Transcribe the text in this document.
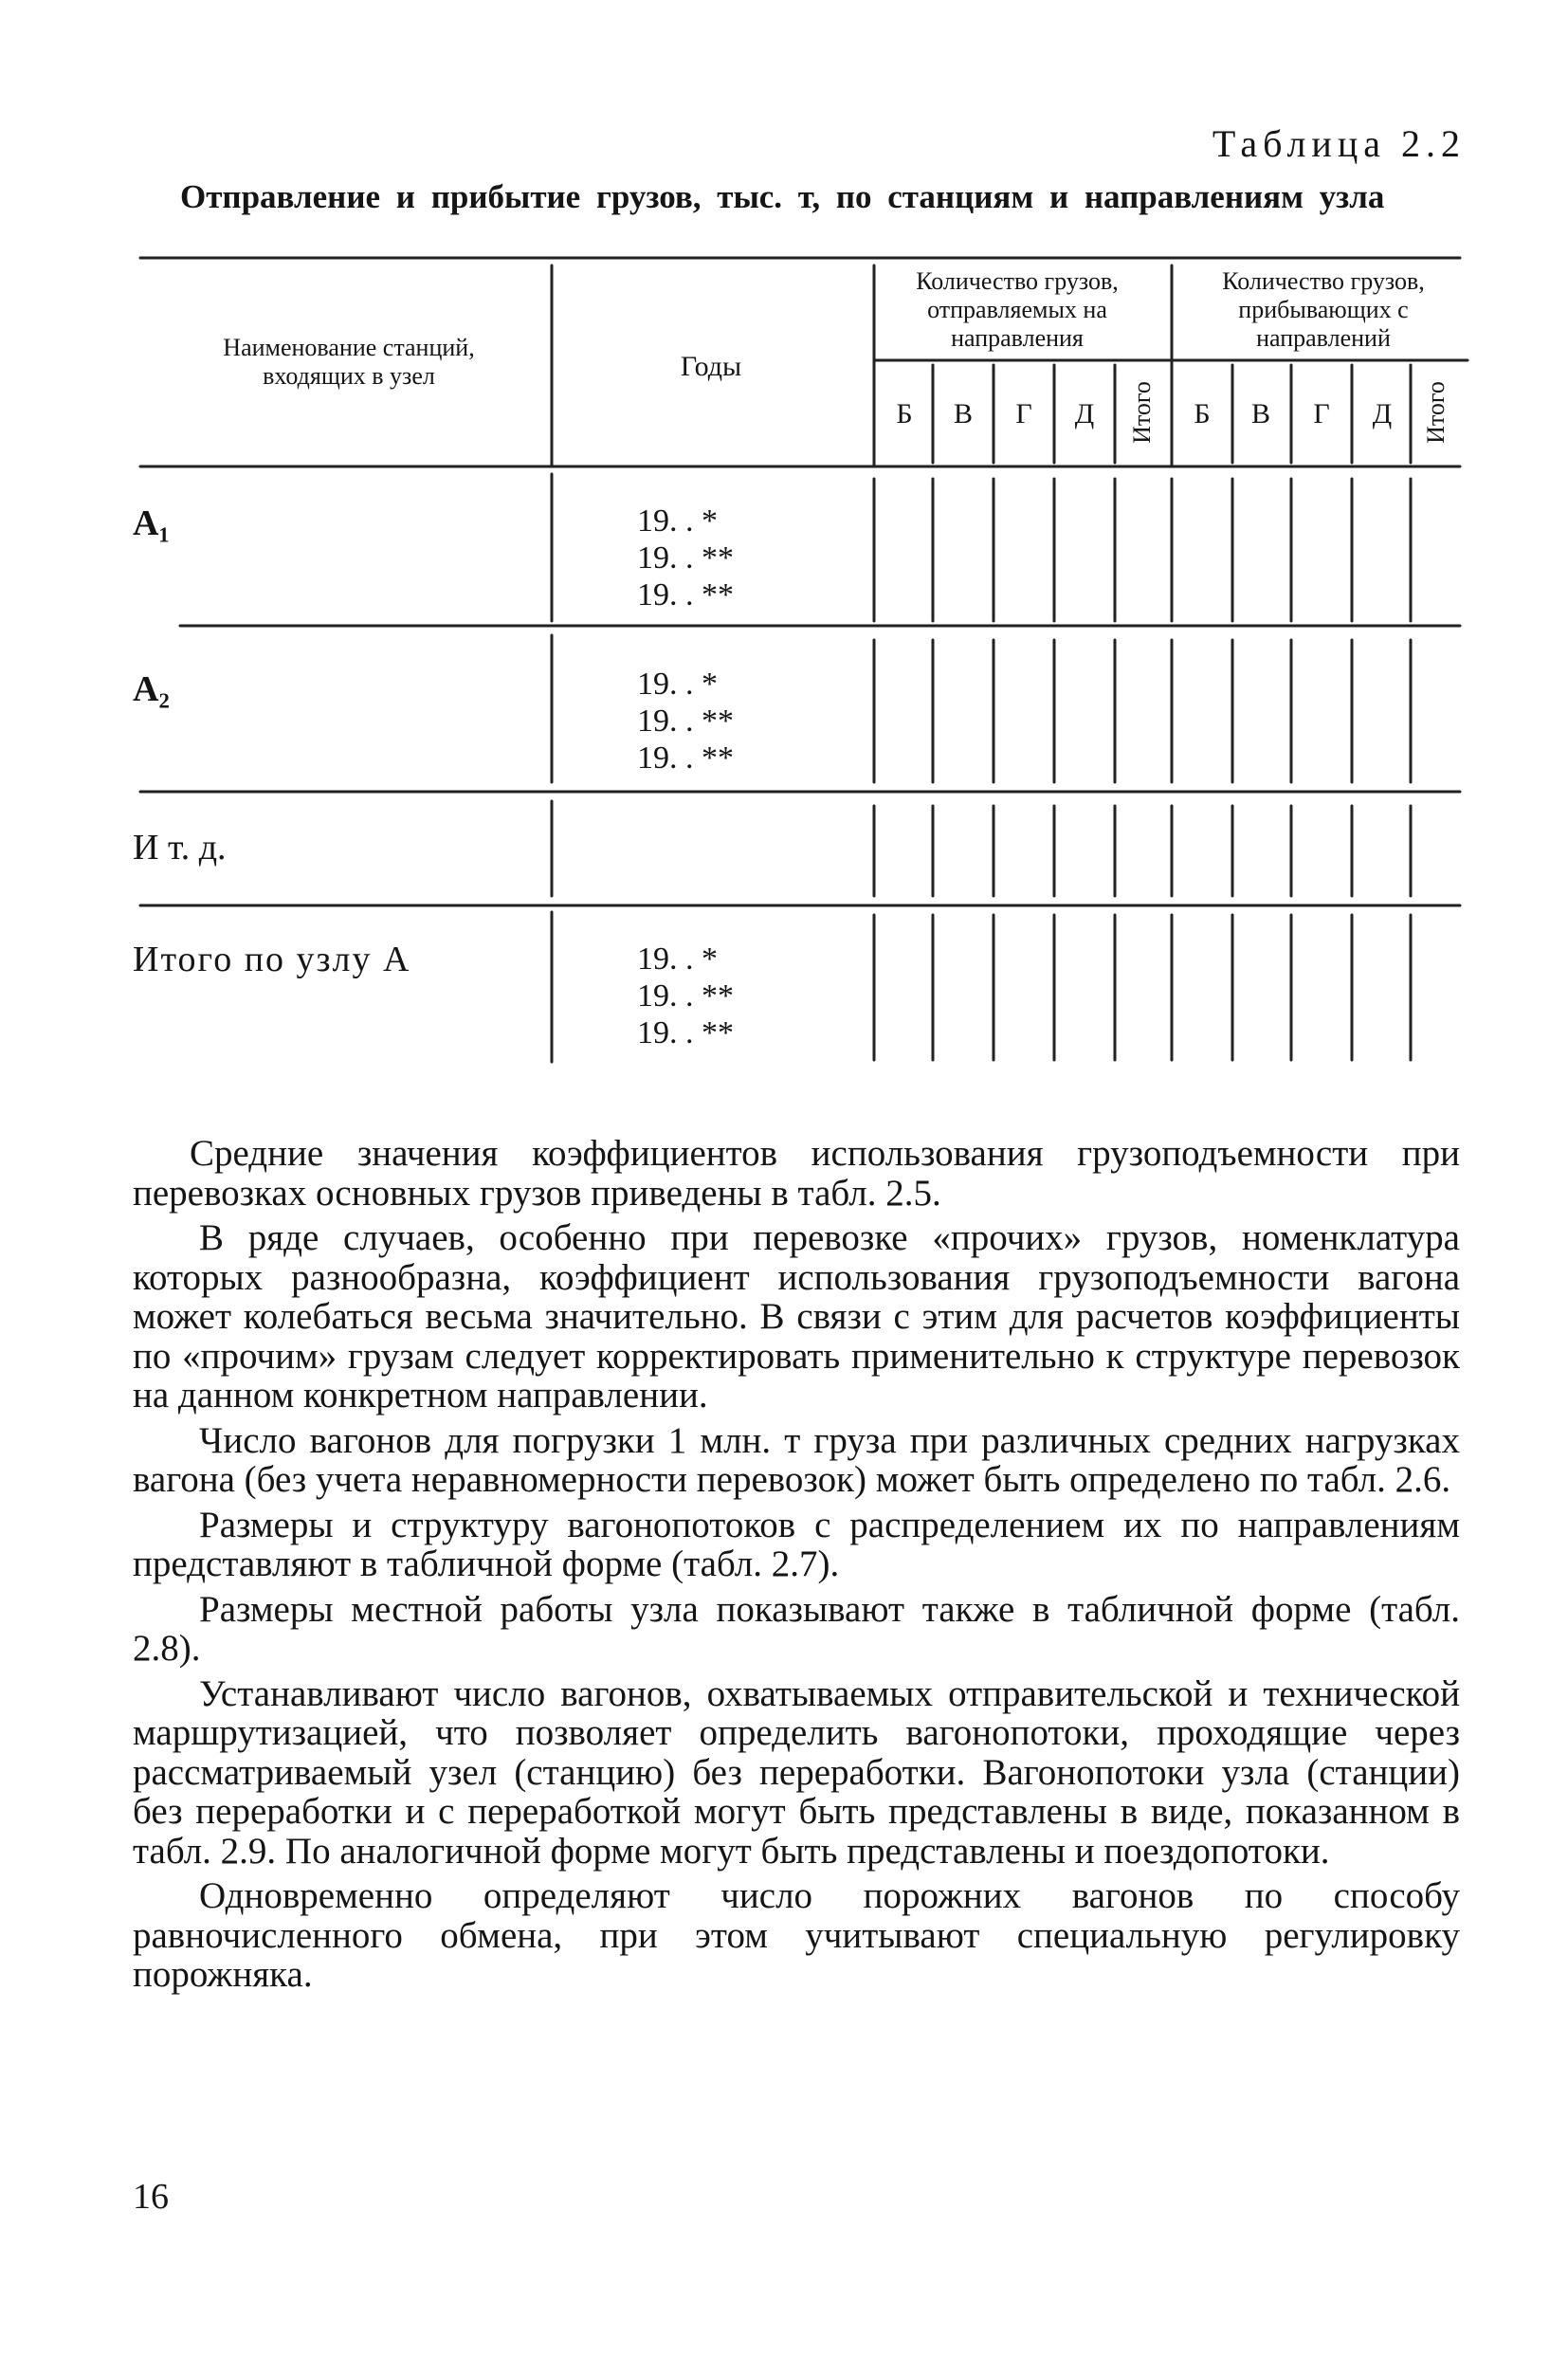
Таблица 2.2
Отправление и прибытие грузов, тыс. т, по станциям и направлениям узла
Наименование станций, входящих в узел	Годы
Количество грузов, отправляемых на направления
Количество грузов, прибывающих с направлений
Б	В	Г	Д	Итого	Б	В	Г	Д	Итого
A₁	19. . *
19. . **
19. . **
A₂	19. . *
19. . **
19. . **
И т. д.
Итого по узлу А	19. . *
19. . **
19. . **

Средние значения коэффициентов использования грузоподъемности при перевозках основных грузов приведены в табл. 2.5.

В ряде случаев, особенно при перевозке «прочих» грузов, номенклатура которых разнообразна, коэффициент использования грузоподъемности вагона может колебаться весьма значительно. В связи с этим для расчетов коэффициенты по «прочим» грузам следует корректировать применительно к структуре перевозок на данном конкретном направлении.

Число вагонов для погрузки 1 млн. т груза при различных средних нагрузках вагона (без учета неравномерности перевозок) может быть определено по табл. 2.6.

Размеры и структуру вагонопотоков с распределением их по направлениям представляют в табличной форме (табл. 2.7).

Размеры местной работы узла показывают также в табличной форме (табл. 2.8).

Устанавливают число вагонов, охватываемых отправительской и технической маршрутизацией, что позволяет определить вагонопотоки, проходящие через рассматриваемый узел (станцию) без переработки. Вагонопотоки узла (станции) без переработки и с переработкой могут быть представлены в виде, показанном в табл. 2.9. По аналогичной форме могут быть представлены и поездопотоки.

Одновременно определяют число порожних вагонов по способу равночисленного обмена, при этом учитывают специальную регулировку порожняка.

16
